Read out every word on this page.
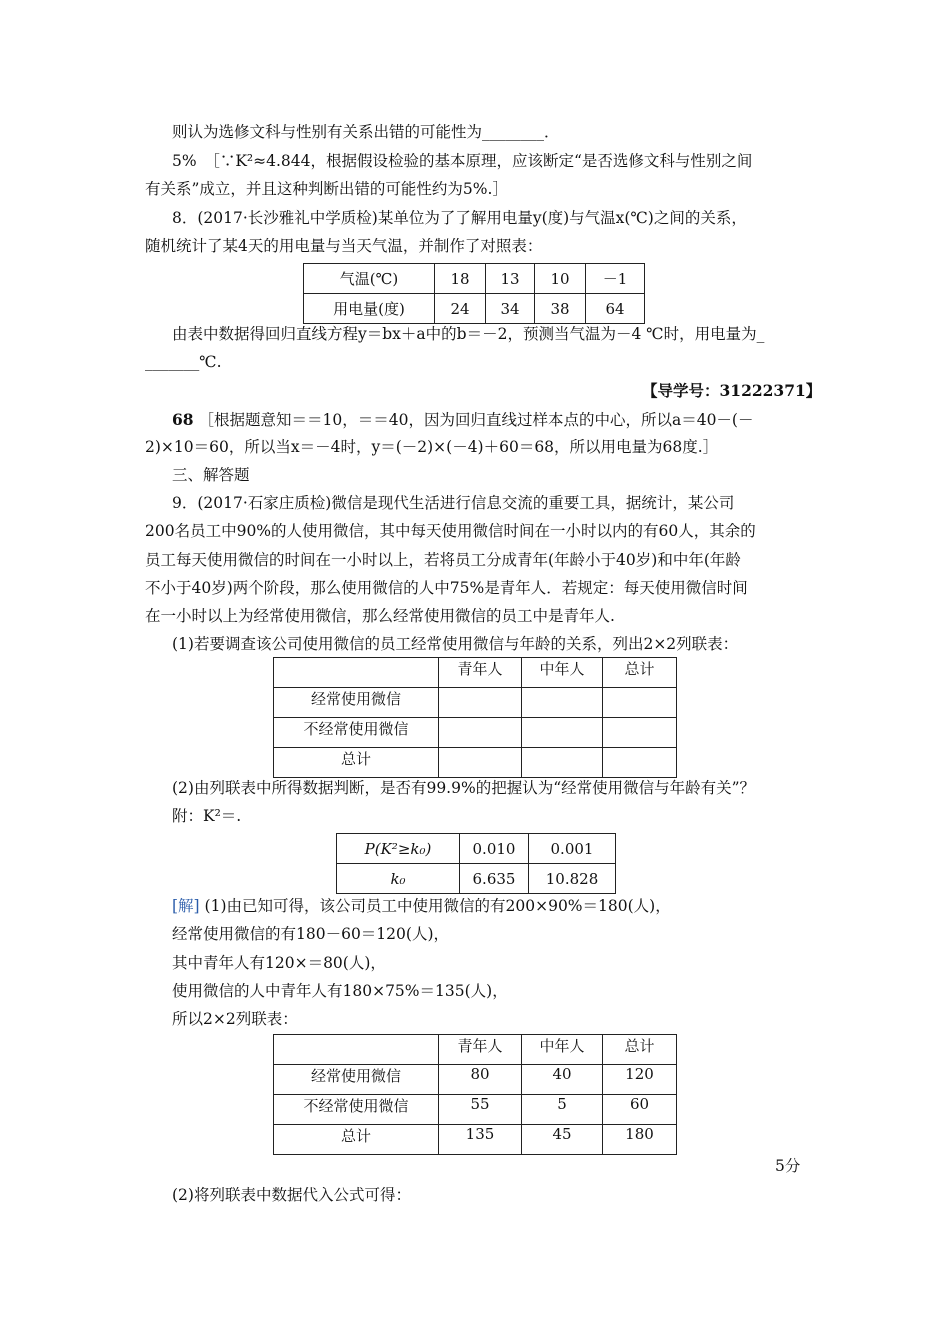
则认为选修文科与性别有关系出错的可能性为________．
5%　［∵K²≈4.844，根据假设检验的基本原理，应该断定“是否选修文科与性别之间
有关系”成立，并且这种判断出错的可能性约为5%.］
8．(2017·长沙雅礼中学质检)某单位为了了解用电量y(度)与气温x(℃)之间的关系，
随机统计了某4天的用电量与当天气温，并制作了对照表：
气温(℃)	18	13	10	－1
用电量(度)	24	34	38	64
由表中数据得回归直线方程y＝bx＋a中的b＝－2，预测当气温为－4 ℃时，用电量为_
_______℃.
【导学号：31222371】
68 ［根据题意知＝＝10，＝＝40，因为回归直线过样本点的中心，所以a＝40－(－
2)×10＝60，所以当x＝－4时，y＝(－2)×(－4)＋60＝68，所以用电量为68度.］
三、解答题
9．(2017·石家庄质检)微信是现代生活进行信息交流的重要工具，据统计，某公司
200名员工中90%的人使用微信，其中每天使用微信时间在一小时以内的有60人，其余的
员工每天使用微信的时间在一小时以上，若将员工分成青年(年龄小于40岁)和中年(年龄
不小于40岁)两个阶段，那么使用微信的人中75%是青年人．若规定：每天使用微信时间
在一小时以上为经常使用微信，那么经常使用微信的员工中是青年人.
(1)若要调查该公司使用微信的员工经常使用微信与年龄的关系，列出2×2列联表：
	青年人	中年人	总计
经常使用微信			
不经常使用微信			
总计			
(2)由列联表中所得数据判断，是否有99.9%的把握认为“经常使用微信与年龄有关”？
附：K²＝.
P(K²≥k₀)	0.010	0.001
k₀	6.635	10.828
[解] (1)由已知可得，该公司员工中使用微信的有200×90%＝180(人)，
经常使用微信的有180－60＝120(人)，
其中青年人有120×＝80(人)，
使用微信的人中青年人有180×75%＝135(人)，
所以2×2列联表：
	青年人	中年人	总计
经常使用微信	80	40	120
不经常使用微信	55	5	60
总计	135	45	180
5分
(2)将列联表中数据代入公式可得：
